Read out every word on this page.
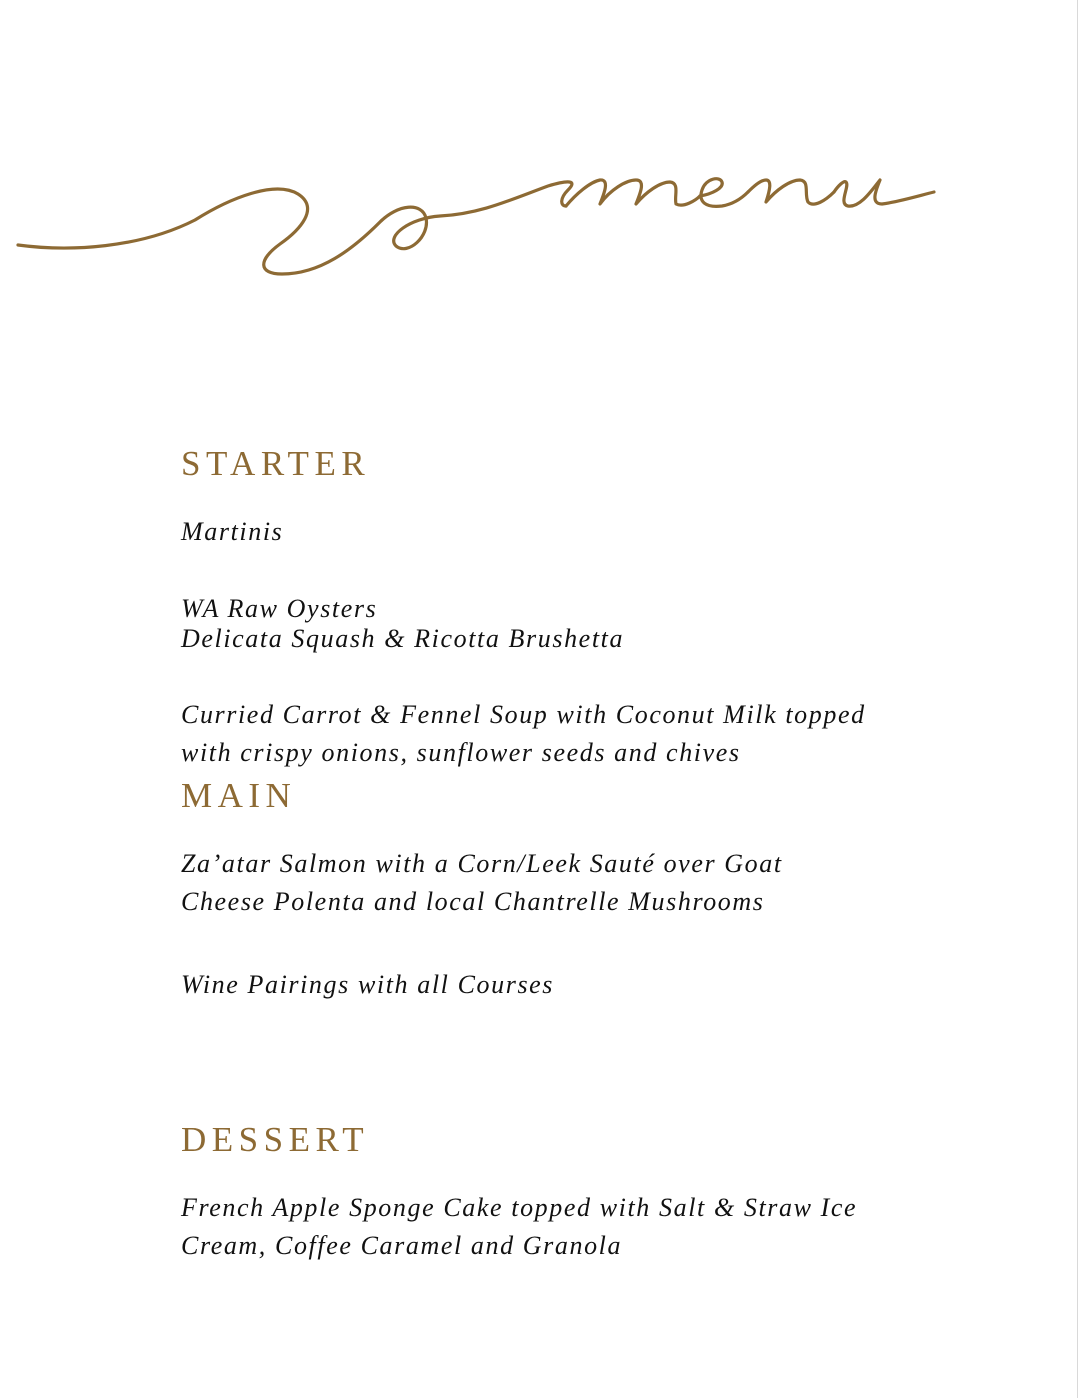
STARTER

Martinis

WA Raw Oysters
Delicata Squash & Ricotta Brushetta

Curried Carrot & Fennel Soup with Coconut Milk topped
with crispy onions, sunflower seeds and chives

MAIN

Za’atar Salmon with a Corn/Leek Sauté over Goat
Cheese Polenta and local Chantrelle Mushrooms

Wine Pairings with all Courses

DESSERT

French Apple Sponge Cake topped with Salt & Straw Ice
Cream, Coffee Caramel and Granola
